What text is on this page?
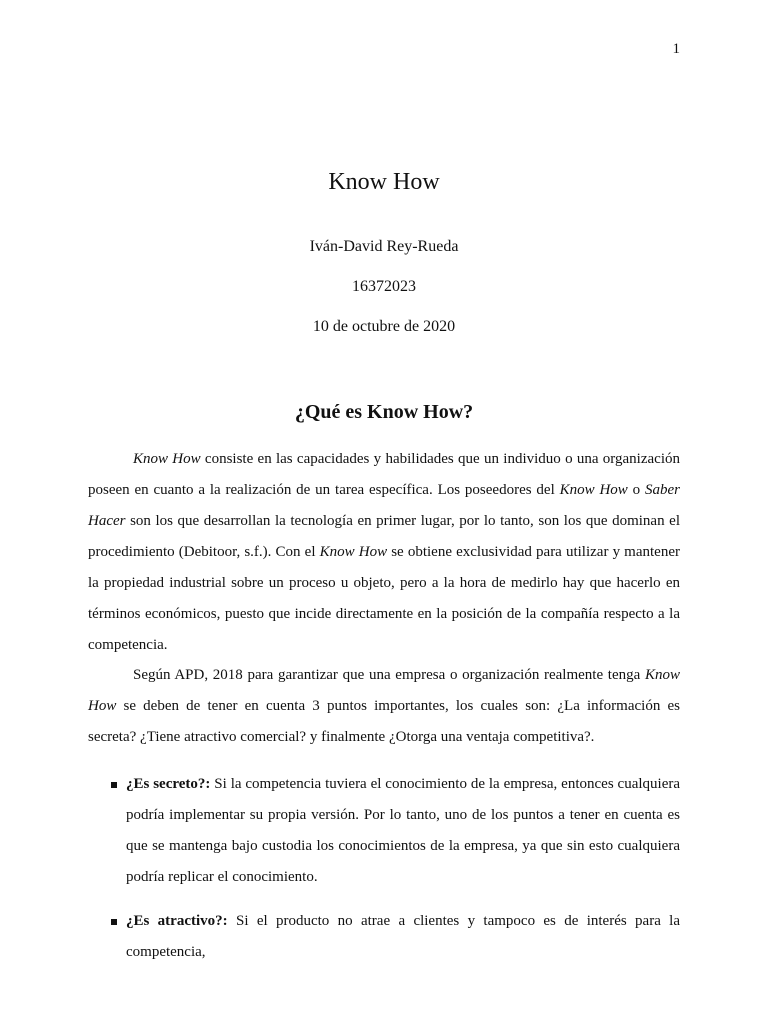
1
Know How
Iván-David Rey-Rueda
16372023
10 de octubre de 2020
¿Qué es Know How?

Know How consiste en las capacidades y habilidades que un individuo o una organización poseen en cuanto a la realización de un tarea específica. Los poseedores del Know How o Saber Hacer son los que desarrollan la tecnología en primer lugar, por lo tanto, son los que dominan el procedimiento (Debitoor, s.f.). Con el Know How se obtiene exclusividad para utilizar y mantener la propiedad industrial sobre un proceso u objeto, pero a la hora de medirlo hay que hacerlo en términos económicos, puesto que incide directamente en la posición de la compañía respecto a la competencia.

Según APD, 2018 para garantizar que una empresa o organización realmente tenga Know How se deben de tener en cuenta 3 puntos importantes, los cuales son: ¿La información es secreta? ¿Tiene atractivo comercial? y finalmente ¿Otorga una ventaja competitiva?.

¿Es secreto?: Si la competencia tuviera el conocimiento de la empresa, entonces cualquiera podría implementar su propia versión. Por lo tanto, uno de los puntos a tener en cuenta es que se mantenga bajo custodia los conocimientos de la empresa, ya que sin esto cualquiera podría replicar el conocimiento.
¿Es atractivo?: Si el producto no atrae a clientes y tampoco es de interés para la competencia,
